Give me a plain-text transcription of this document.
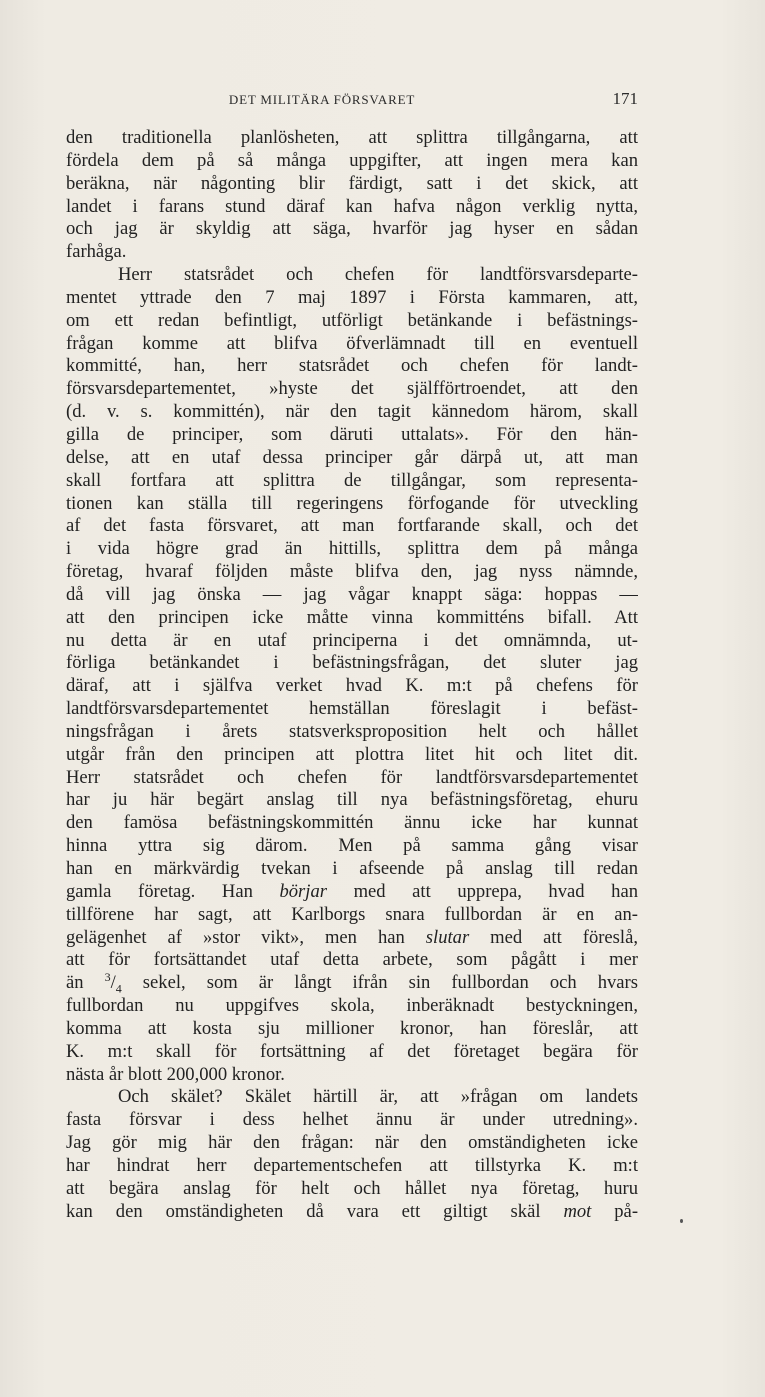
DET MILITÄRA FÖRSVARET	171
den traditionella planlösheten, att splittra tillgångarna, att
fördela dem på så många uppgifter, att ingen mera kan
beräkna, när någonting blir färdigt, satt i det skick, att
landet i farans stund däraf kan hafva någon verklig nytta,
och jag är skyldig att säga, hvarför jag hyser en sådan
farhåga.
Herr statsrådet och chefen för landtförsvarsdeparte-
mentet yttrade den 7 maj 1897 i Första kammaren, att,
om ett redan befintligt, utförligt betänkande i befästnings-
frågan komme att blifva öfverlämnadt till en eventuell
kommitté, han, herr statsrådet och chefen för landt-
försvarsdepartementet, »hyste det själfförtroendet, att den
(d. v. s. kommittén), när den tagit kännedom härom, skall
gilla de principer, som däruti uttalats». För den hän-
delse, att en utaf dessa principer går därpå ut, att man
skall fortfara att splittra de tillgångar, som representa-
tionen kan ställa till regeringens förfogande för utveckling
af det fasta försvaret, att man fortfarande skall, och det
i vida högre grad än hittills, splittra dem på många
företag, hvaraf följden måste blifva den, jag nyss nämnde,
då vill jag önska — jag vågar knappt säga: hoppas —
att den principen icke måtte vinna kommitténs bifall. Att
nu detta är en utaf principerna i det omnämnda, ut-
förliga betänkandet i befästningsfrågan, det sluter jag
däraf, att i själfva verket hvad K. m:t på chefens för
landtförsvarsdepartementet hemställan föreslagit i befäst-
ningsfrågan i årets statsverksproposition helt och hållet
utgår från den principen att plottra litet hit och litet dit.
Herr statsrådet och chefen för landtförsvarsdepartementet
har ju här begärt anslag till nya befästningsföretag, ehuru
den famösa befästningskommittén ännu icke har kunnat
hinna yttra sig därom. Men på samma gång visar
han en märkvärdig tvekan i afseende på anslag till redan
gamla företag. Han börjar med att upprepa, hvad han
tillförene har sagt, att Karlborgs snara fullbordan är en an-
gelägenhet af »stor vikt», men han slutar med att föreslå,
att för fortsättandet utaf detta arbete, som pågått i mer
än $^3/_4$ sekel, som är långt ifrån sin fullbordan och hvars
fullbordan nu uppgifves skola, inberäknadt bestyckningen,
komma att kosta sju millioner kronor, han föreslår, att
K. m:t skall för fortsättning af det företaget begära för
nästa år blott 200,000 kronor.
Och skälet? Skälet härtill är, att »frågan om landets
fasta försvar i dess helhet ännu är under utredning».
Jag gör mig här den frågan: när den omständigheten icke
har hindrat herr departementschefen att tillstyrka K. m:t
att begära anslag för helt och hållet nya företag, huru
kan den omständigheten då vara ett giltigt skäl mot på-
